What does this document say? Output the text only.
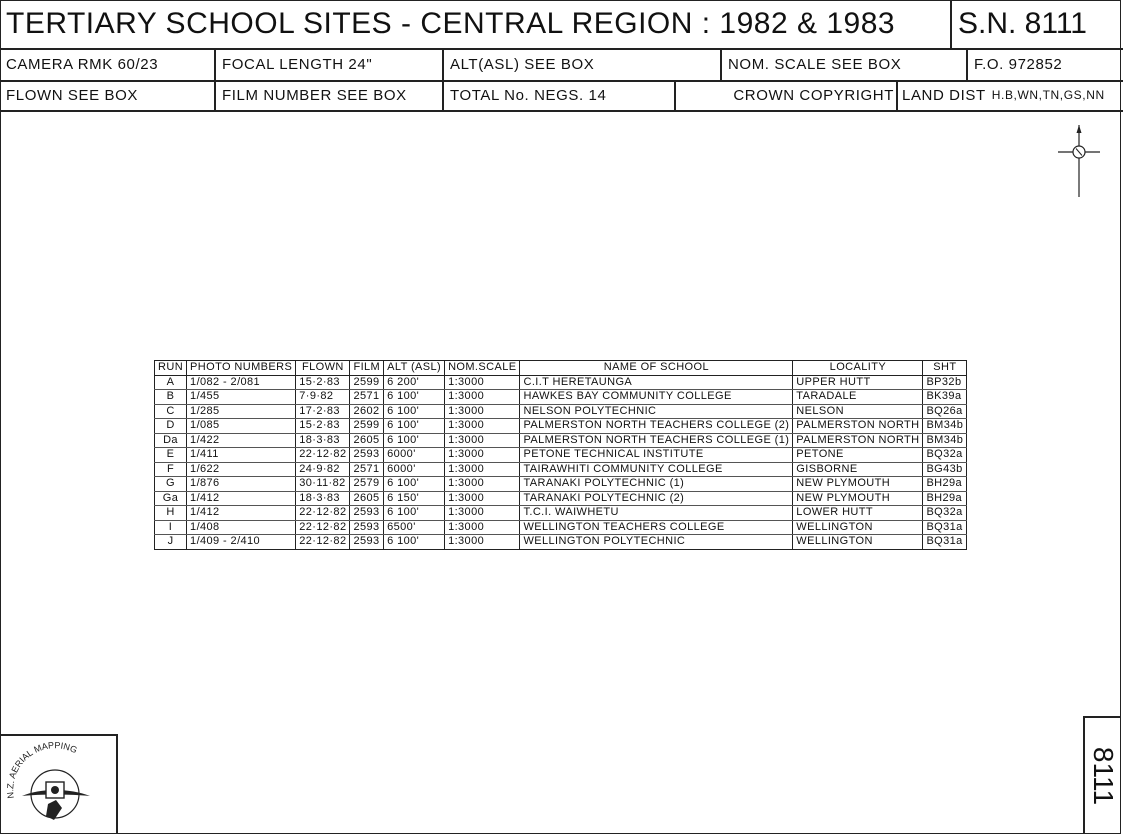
TERTIARY SCHOOL SITES - CENTRAL REGION : 1982 & 1983	S.N. 8111
CAMERA RMK 60/23	FOCAL LENGTH 24"	ALT(ASL) SEE BOX	NOM. SCALE SEE BOX	F.O. 972852
FLOWN SEE BOX	FILM NUMBER SEE BOX	TOTAL No. NEGS. 14	CROWN COPYRIGHT LAND DIST H.B,WN,TN,GS,NN
RUN	PHOTO NUMBERS	FLOWN	FILM	ALT (ASL)	NOM.SCALE	NAME OF SCHOOL	LOCALITY	SHT
A	1/082 - 2/081	15·2·83	2599	6 200'	1:3000	C.I.T HERETAUNGA	UPPER HUTT	BP32b
B	1/455	7·9·82	2571	6 100'	1:3000	HAWKES BAY COMMUNITY COLLEGE	TARADALE	BK39a
C	1/285	17·2·83	2602	6 100'	1:3000	NELSON POLYTECHNIC	NELSON	BQ26a
D	1/085	15·2·83	2599	6 100'	1:3000	PALMERSTON NORTH TEACHERS COLLEGE (2)	PALMERSTON NORTH	BM34b
Da	1/422	18·3·83	2605	6 100'	1:3000	PALMERSTON NORTH TEACHERS COLLEGE (1)	PALMERSTON NORTH	BM34b
E	1/411	22·12·82	2593	6000'	1:3000	PETONE TECHNICAL INSTITUTE	PETONE	BQ32a
F	1/622	24·9·82	2571	6000'	1:3000	TAIRAWHITI COMMUNITY COLLEGE	GISBORNE	BG43b
G	1/876	30·11·82	2579	6 100'	1:3000	TARANAKI POLYTECHNIC (1)	NEW PLYMOUTH	BH29a
Ga	1/412	18·3·83	2605	6 150'	1:3000	TARANAKI POLYTECHNIC (2)	NEW PLYMOUTH	BH29a
H	1/412	22·12·82	2593	6 100'	1:3000	T.C.I. WAIWHETU	LOWER HUTT	BQ32a
I	1/408	22·12·82	2593	6500'	1:3000	WELLINGTON TEACHERS COLLEGE	WELLINGTON	BQ31a
J	1/409 - 2/410	22·12·82	2593	6 100'	1:3000	WELLINGTON POLYTECHNIC	WELLINGTON	BQ31a
N.Z. AERIAL MAPPING	8111
